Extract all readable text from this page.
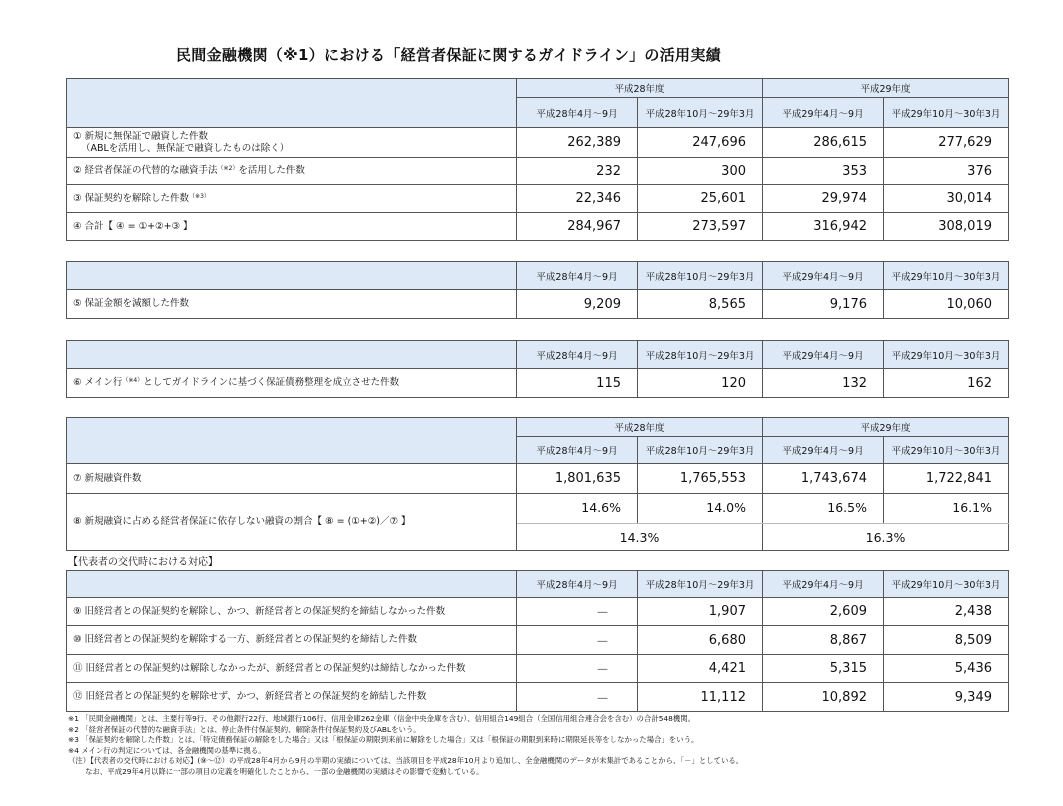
民間金融機関（※1）における「経営者保証に関するガイドライン」の活用実績
	平成28年度		平成29年度	
	平成28年4月～9月	平成28年10月～29年3月	平成29年4月～9月	平成29年10月～30年3月

① 新規に無保証で融資した件数
（ABLを活用し、無保証で融資したものは除く）	262,389	247,696	286,615	277,629
② 経営者保証の代替的な融資手法$^{(※2)}$を活用した件数	232	300	353	376
③ 保証契約を解除した件数$^{(※3)}$	22,346	25,601	29,974	30,014
④ 合計【 ④ = ①+②+③ 】	284,967	273,597	316,942	308,019
	平成28年4月～9月	平成28年10月～29年3月	平成29年4月～9月	平成29年10月～30年3月
⑤ 保証金額を減額した件数	9,209	8,565	9,176	10,060
	平成28年4月～9月	平成28年10月～29年3月	平成29年4月～9月	平成29年10月～30年3月
⑥ メイン行$^{(※4)}$としてガイドラインに基づく保証債務整理を成立させた件数	115	120	132	162
	平成28年度		平成29年度	
	平成28年4月～9月	平成28年10月～29年3月	平成29年4月～9月	平成29年10月～30年3月
⑦ 新規融資件数	1,801,635	1,765,553	1,743,674	1,722,841
⑧ 新規融資に占める経営者保証に依存しない融資の割合【 ⑧ = (①+②)／⑦ 】	14.6%	14.0%	16.5%	16.1%
	14.3%		16.3%	
【代表者の交代時における対応】
	平成28年4月～9月	平成28年10月～29年3月	平成29年4月～9月	平成29年10月～30年3月
⑨ 旧経営者との保証契約を解除し、かつ、新経営者との保証契約を締結しなかった件数	－	1,907	2,609	2,438
⑩ 旧経営者との保証契約を解除する一方、新経営者との保証契約を締結した件数	－	6,680	8,867	8,509
⑪ 旧経営者との保証契約は解除しなかったが、新経営者との保証契約は締結しなかった件数	－	4,421	5,315	5,436
⑫ 旧経営者との保証契約を解除せず、かつ、新経営者との保証契約を締結した件数	－	11,112	10,892	9,349
※1 「民間金融機関」とは、主要行等9行、その他銀行22行、地域銀行106行、信用金庫262金庫（信金中央金庫を含む）、信用組合149組合（全国信用組合連合会を含む）の合計548機関。
※2 「経営者保証の代替的な融資手法」とは、停止条件付保証契約、解除条件付保証契約及びABLをいう。
※3 「保証契約を解除した件数」とは、「特定債務保証の解除をした場合」又は「根保証の期限到来前に解除をした場合」又は「根保証の期限到来時に期限延長等をしなかった場合」をいう。
※4 メイン行の判定については、各金融機関の基準に拠る。
（注）【代表者の交代時における対応】(⑨～⑫）の平成28年4月から9月の半期の実績については、当該項目を平成28年10月より追加し、全金融機関のデータが未集計であることから、「－」としている。
　　 なお、平成29年4月以降に一部の項目の定義を明確化したことから、一部の金融機関の実績はその影響で変動している。
